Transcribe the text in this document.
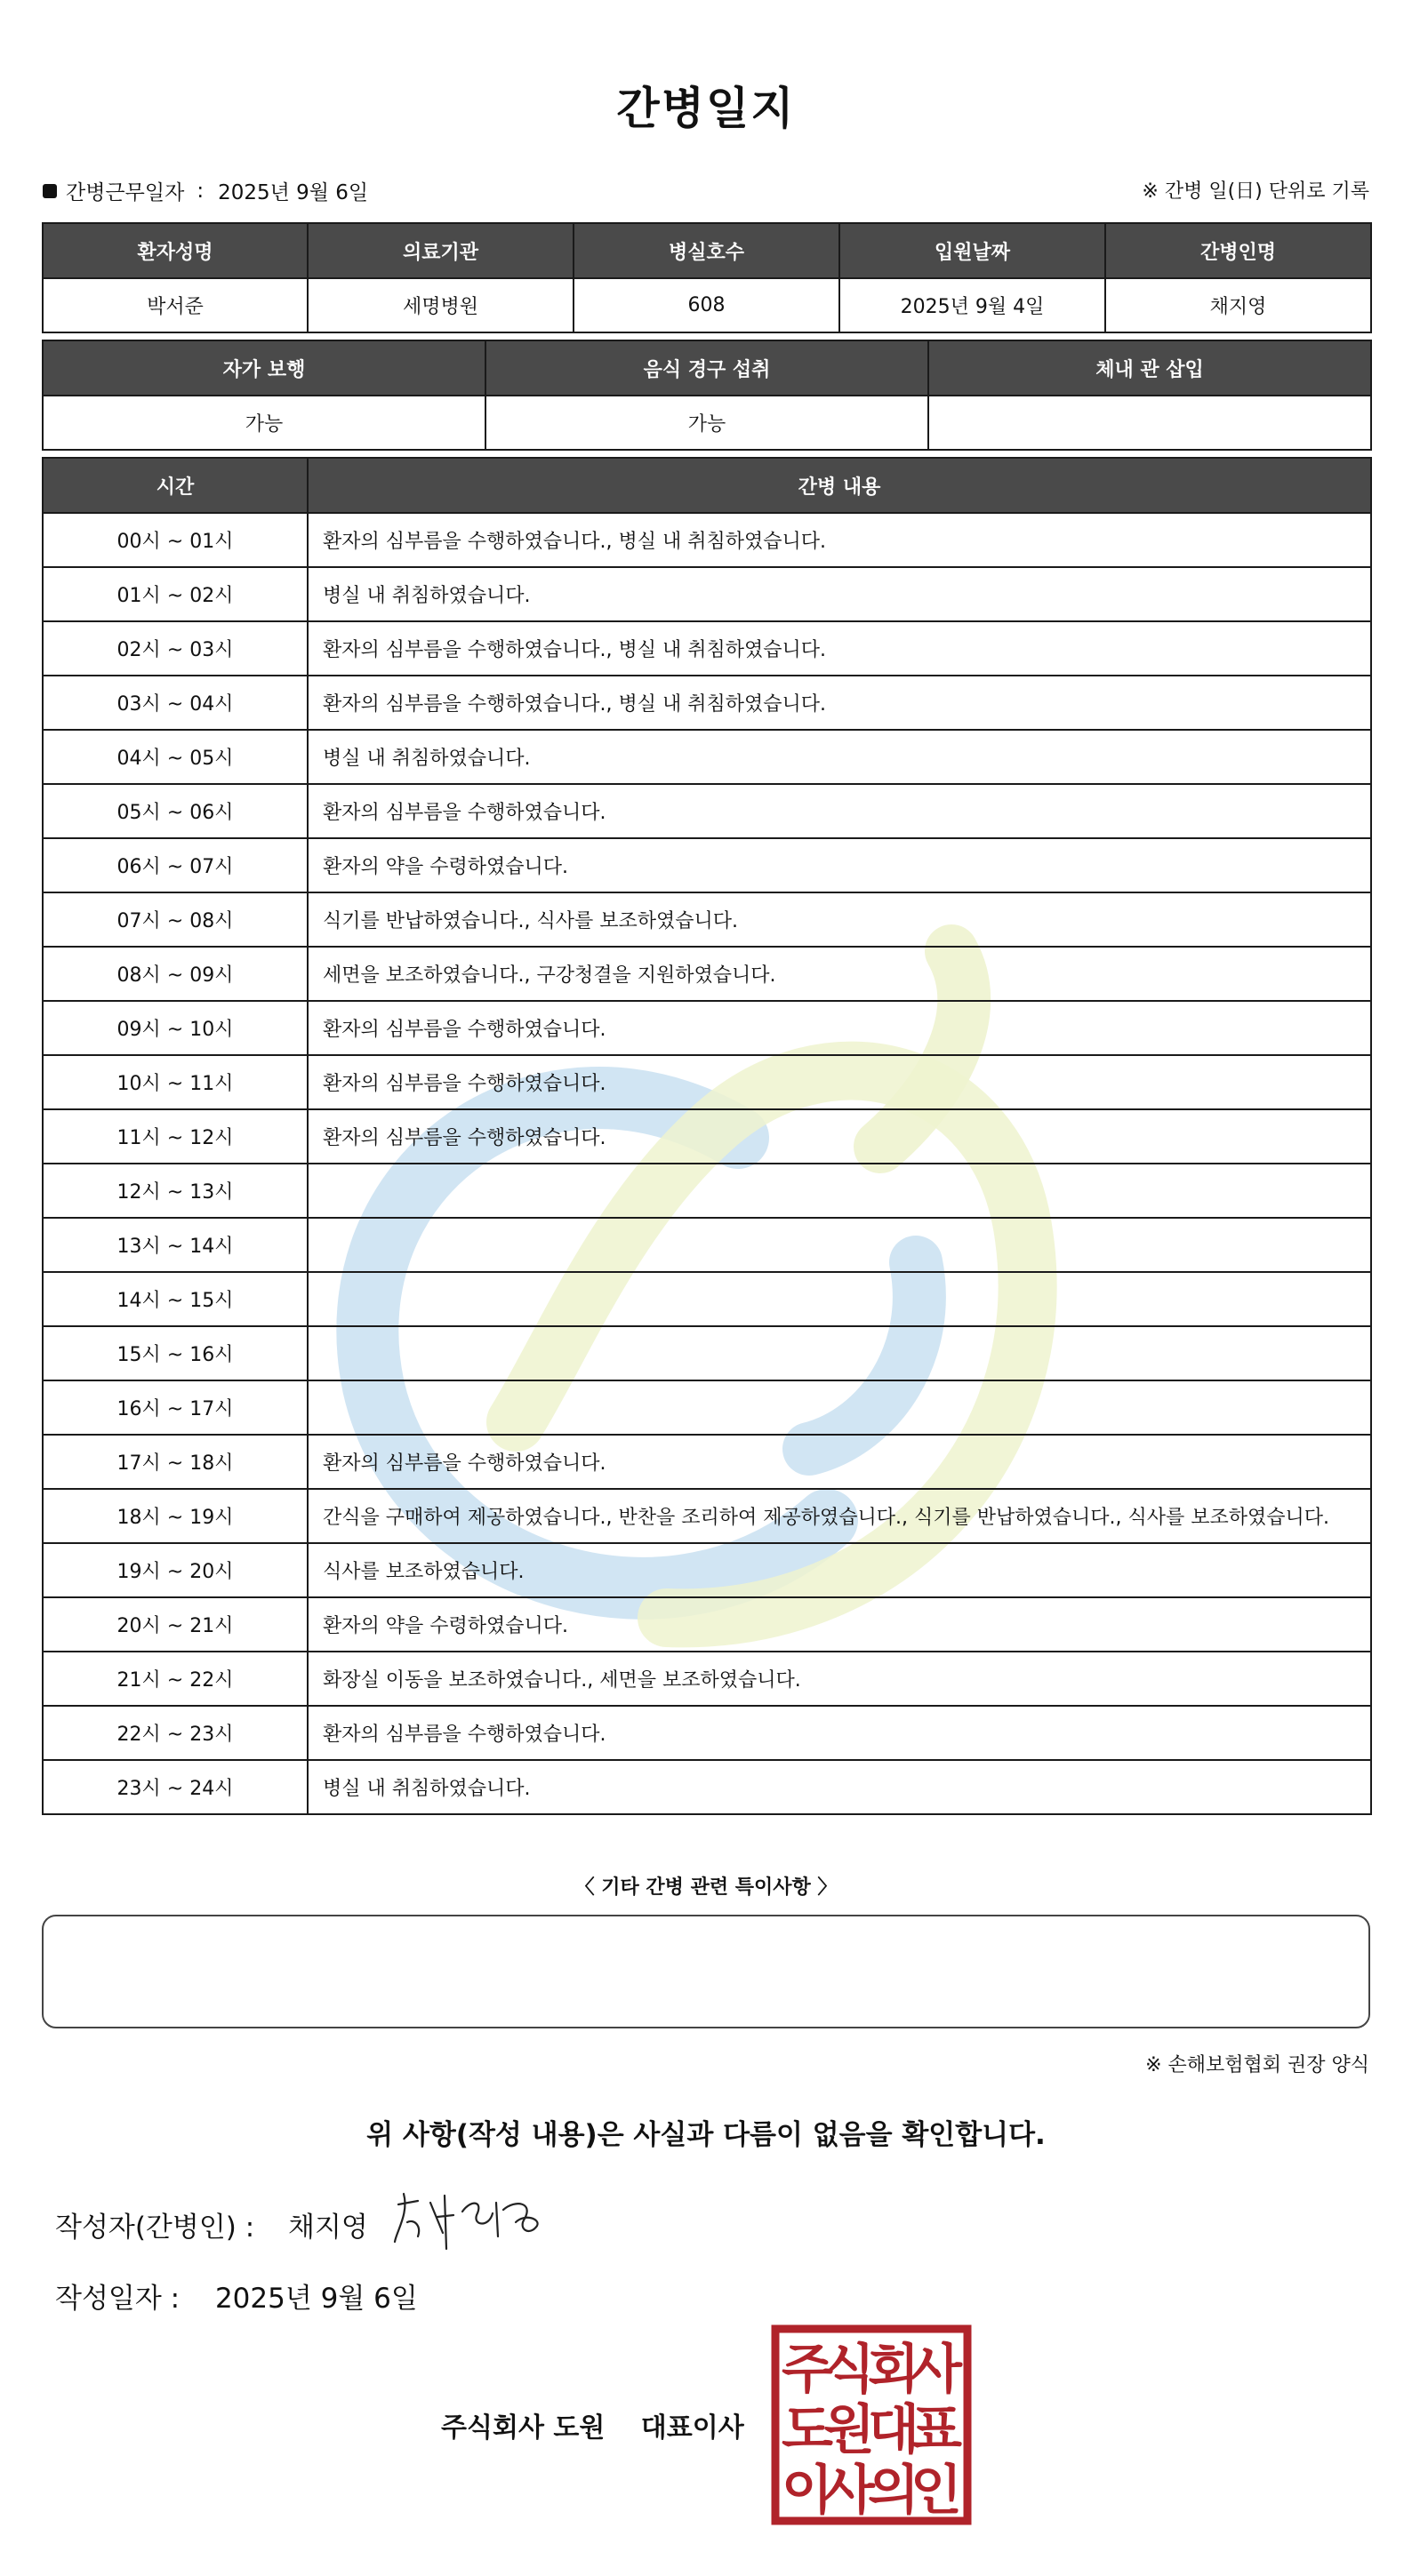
간병일지
간병근무일자 : 2025년 9월 6일	※ 간병 일(日) 단위로 기록
환자성명	의료기관	병실호수	입원날짜	간병인명
박서준	세명병원	608	2025년 9월 4일	채지영
자가 보행	음식 경구 섭취	체내 관 삽입
가능	가능	
시간	간병 내용
00시 ~ 01시	환자의 심부름을 수행하였습니다., 병실 내 취침하였습니다.
01시 ~ 02시	병실 내 취침하였습니다.
02시 ~ 03시	환자의 심부름을 수행하였습니다., 병실 내 취침하였습니다.
03시 ~ 04시	환자의 심부름을 수행하였습니다., 병실 내 취침하였습니다.
04시 ~ 05시	병실 내 취침하였습니다.
05시 ~ 06시	환자의 심부름을 수행하였습니다.
06시 ~ 07시	환자의 약을 수령하였습니다.
07시 ~ 08시	식기를 반납하였습니다., 식사를 보조하였습니다.
08시 ~ 09시	세면을 보조하였습니다., 구강청결을 지원하였습니다.
09시 ~ 10시	환자의 심부름을 수행하였습니다.
10시 ~ 11시	환자의 심부름을 수행하였습니다.
11시 ~ 12시	환자의 심부름을 수행하였습니다.
12시 ~ 13시	
13시 ~ 14시	
14시 ~ 15시	
15시 ~ 16시	
16시 ~ 17시	
17시 ~ 18시	환자의 심부름을 수행하였습니다.
18시 ~ 19시	간식을 구매하여 제공하였습니다., 반찬을 조리하여 제공하였습니다., 식기를 반납하였습니다., 식사를 보조하였습니다.
19시 ~ 20시	식사를 보조하였습니다.
20시 ~ 21시	환자의 약을 수령하였습니다.
21시 ~ 22시	화장실 이동을 보조하였습니다., 세면을 보조하였습니다.
22시 ~ 23시	환자의 심부름을 수행하였습니다.
23시 ~ 24시	병실 내 취침하였습니다.
〈 기타 간병 관련 특이사항 〉
※ 손해보험협회 권장 양식
위 사항(작성 내용)은 사실과 다름이 없음을 확인합니다.
작성자(간병인) : 채지영
작성일자 : 2025년 9월 6일
주식회사 도원 대표이사
주
식
회
사
도
원
대
표
이
사
의
인
